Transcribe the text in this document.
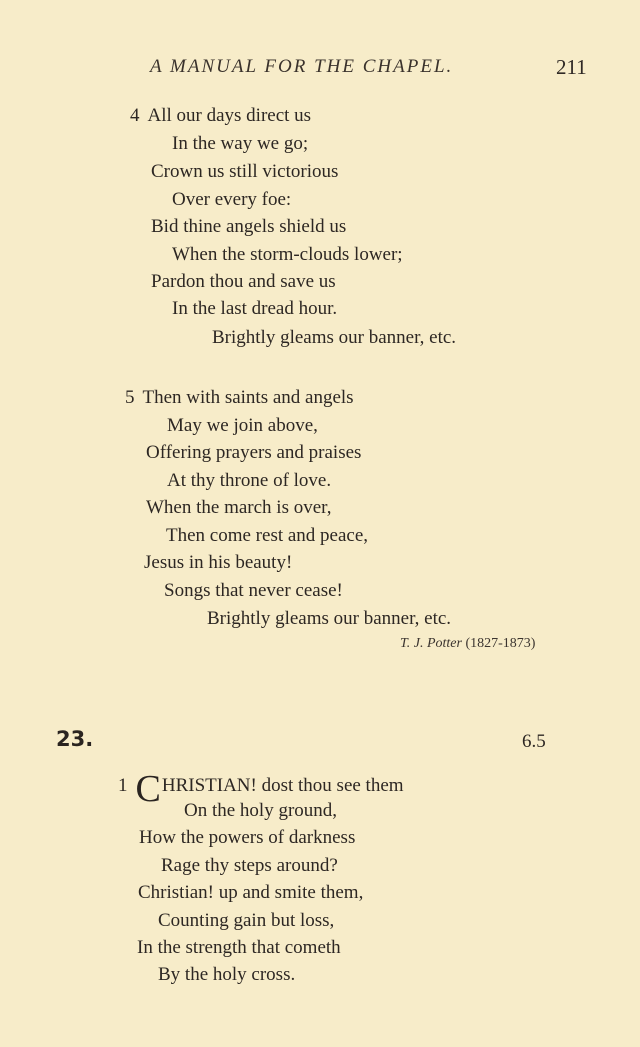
A MANUAL FOR THE CHAPEL.	211
4 All our days direct us
In the way we go;
Crown us still victorious
Over every foe:
Bid thine angels shield us
When the storm-clouds lower;
Pardon thou and save us
In the last dread hour.
Brightly gleams our banner, etc.
5 Then with saints and angels
May we join above,
Offering prayers and praises
At thy throne of love.
When the march is over,
Then come rest and peace,
Jesus in his beauty!
Songs that never cease!
Brightly gleams our banner, etc.
T. J. Potter (1827-1873)
23.	6.5
1 CHRISTIAN! dost thou see them
On the holy ground,
How the powers of darkness
Rage thy steps around?
Christian! up and smite them,
Counting gain but loss,
In the strength that cometh
By the holy cross.
